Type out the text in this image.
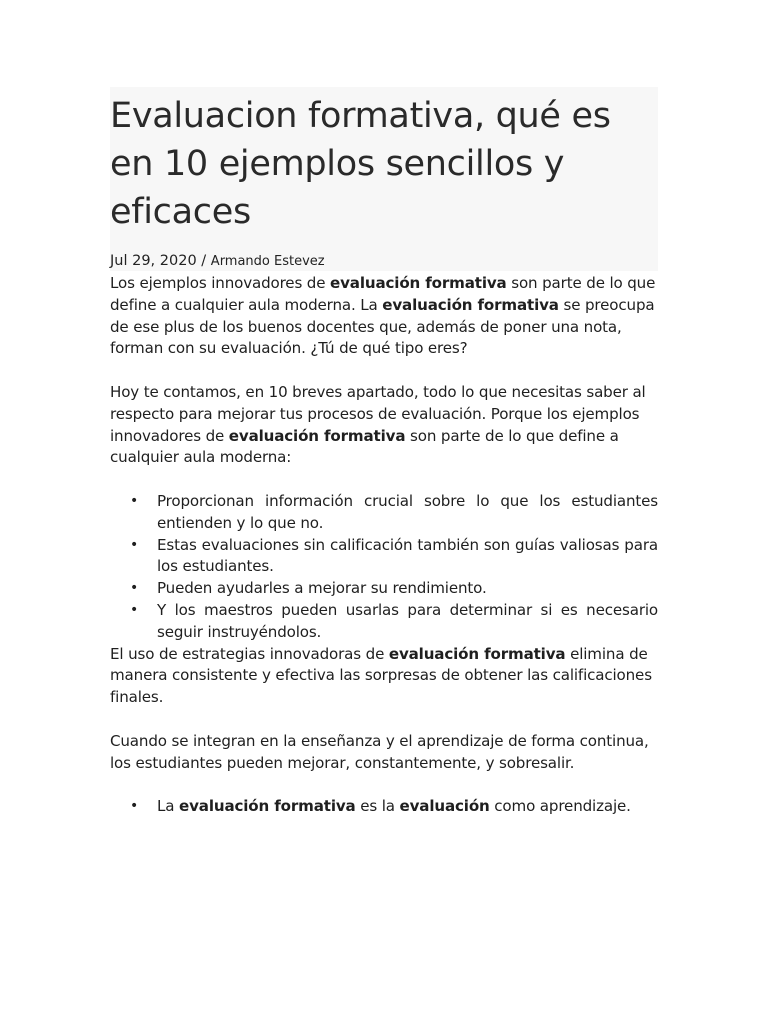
Evaluacion formativa, qué es en 10 ejemplos sencillos y eficaces
Jul 29, 2020 / Armando Estevez

Los ejemplos innovadores de evaluación formativa son parte de lo que define a cualquier aula moderna. La evaluación formativa se preocupa de ese plus de los buenos docentes que, además de poner una nota, forman con su evaluación. ¿Tú de qué tipo eres?

Hoy te contamos, en 10 breves apartado, todo lo que necesitas saber al respecto para mejorar tus procesos de evaluación. Porque los ejemplos innovadores de evaluación formativa son parte de lo que define a cualquier aula moderna:

• Proporcionan información crucial sobre lo que los estudiantes entienden y lo que no.
• Estas evaluaciones sin calificación también son guías valiosas para los estudiantes.
• Pueden ayudarles a mejorar su rendimiento.
• Y los maestros pueden usarlas para determinar si es necesario seguir instruyéndolos.

El uso de estrategias innovadoras de evaluación formativa elimina de manera consistente y efectiva las sorpresas de obtener las calificaciones finales.

Cuando se integran en la enseñanza y el aprendizaje de forma continua, los estudiantes pueden mejorar, constantemente, y sobresalir.

• La evaluación formativa es la evaluación como aprendizaje.
